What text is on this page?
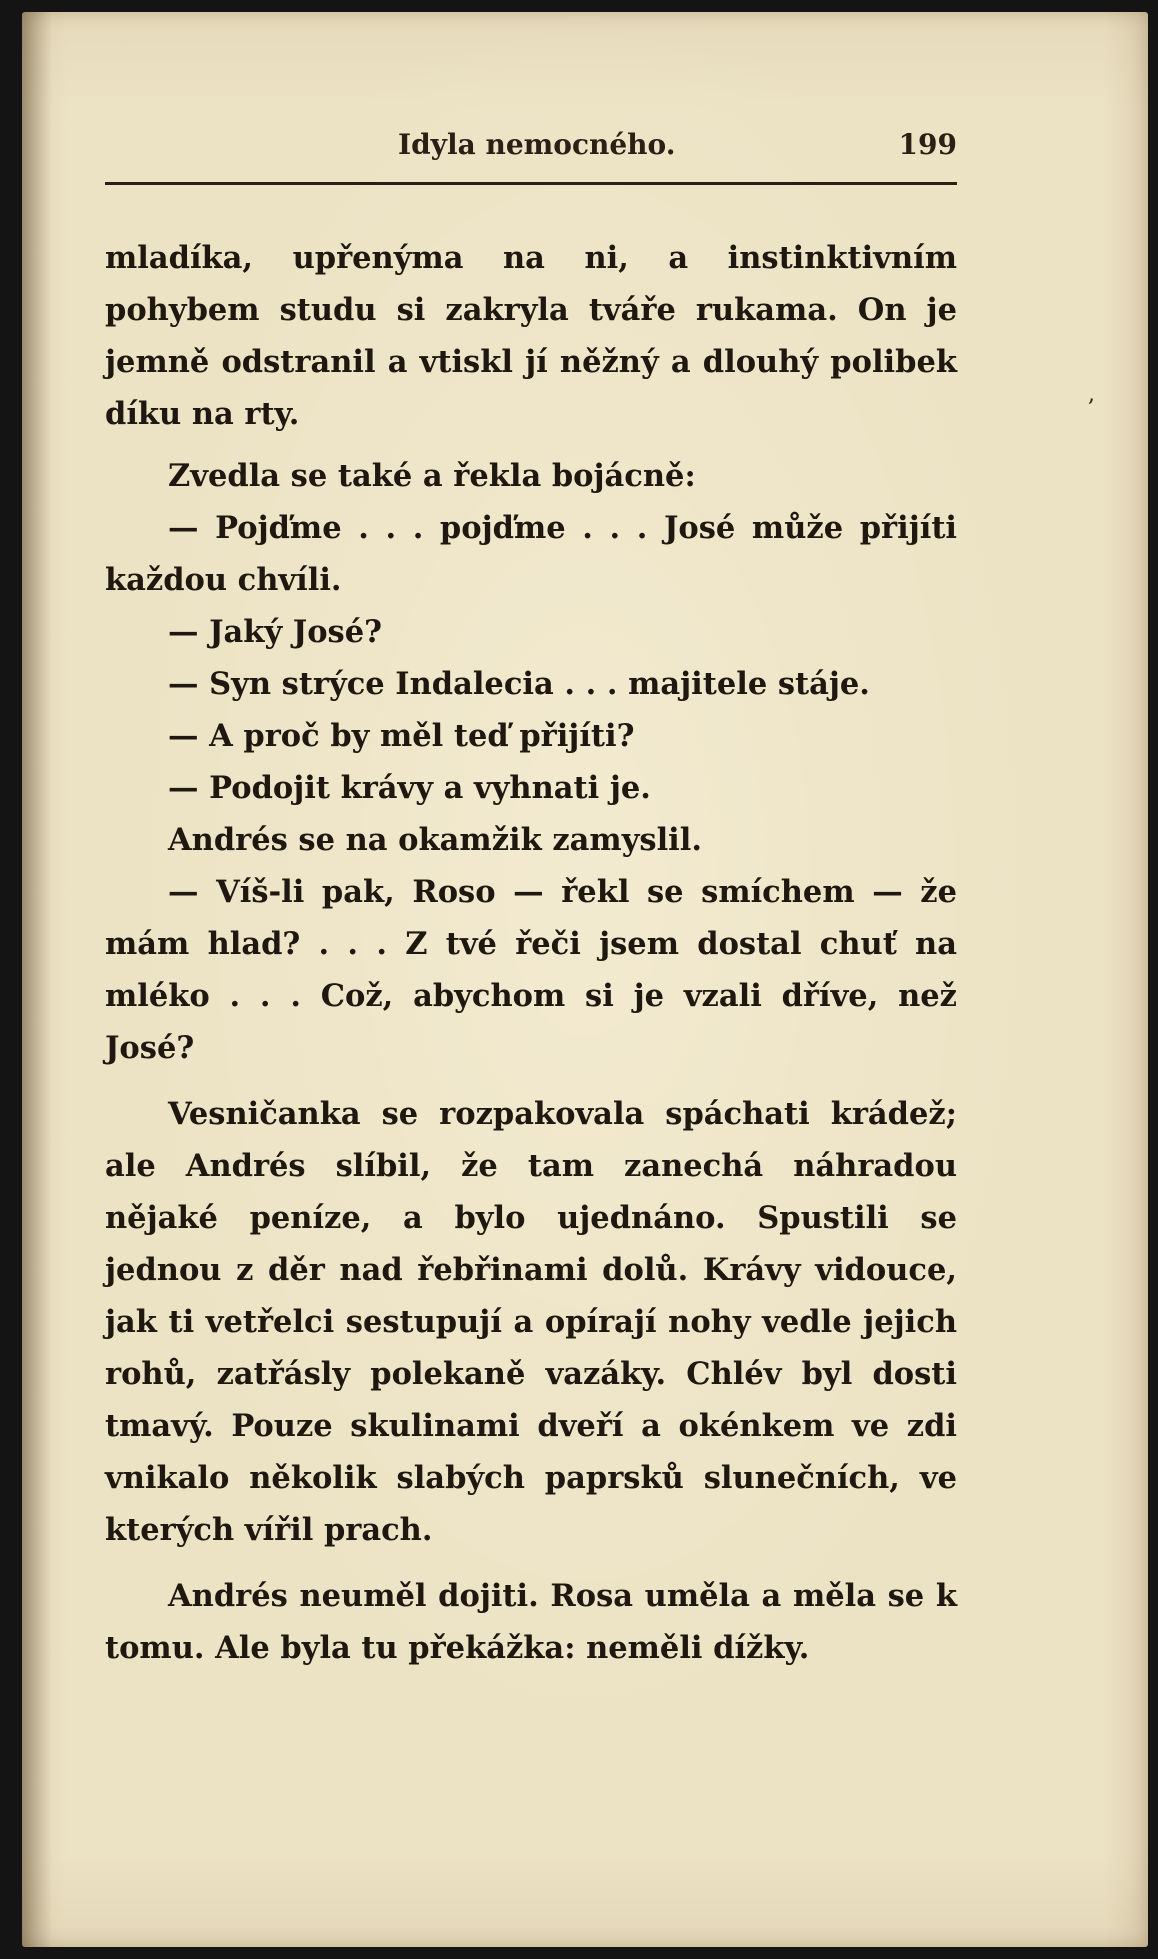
Idyla nemocného.	199
,

mladíka, upřenýma na ni, a instinktivním pohybem studu si zakryla tváře rukama. On je jemně odstranil a vtiskl jí něžný a dlouhý polibek díku na rty.

Zvedla se také a řekla bojácně:

— Pojďme . . . pojďme . . . José může přijíti každou chvíli.

— Jaký José?

— Syn strýce Indalecia . . . majitele stáje.

— A proč by měl teď přijíti?

— Podojit krávy a vyhnati je.

Andrés se na okamžik zamyslil.

— Víš-li pak, Roso — řekl se smíchem — že mám hlad? . . . Z tvé řeči jsem dostal chuť na mléko . . . Což, abychom si je vzali dříve, než José?

Vesničanka se rozpakovala spáchati krádež; ale Andrés slíbil, že tam zanechá náhradou nějaké peníze, a bylo ujednáno. Spustili se jednou z děr nad řebřinami dolů. Krávy vidouce, jak ti vetřelci sestupují a opírají nohy vedle jejich rohů, zatřásly polekaně vazáky. Chlév byl dosti tmavý. Pouze skulinami dveří a okénkem ve zdi vnikalo několik slabých paprsků slunečních, ve kterých vířil prach.

Andrés neuměl dojiti. Rosa uměla a měla se k tomu. Ale byla tu překážka: neměli dížky.
